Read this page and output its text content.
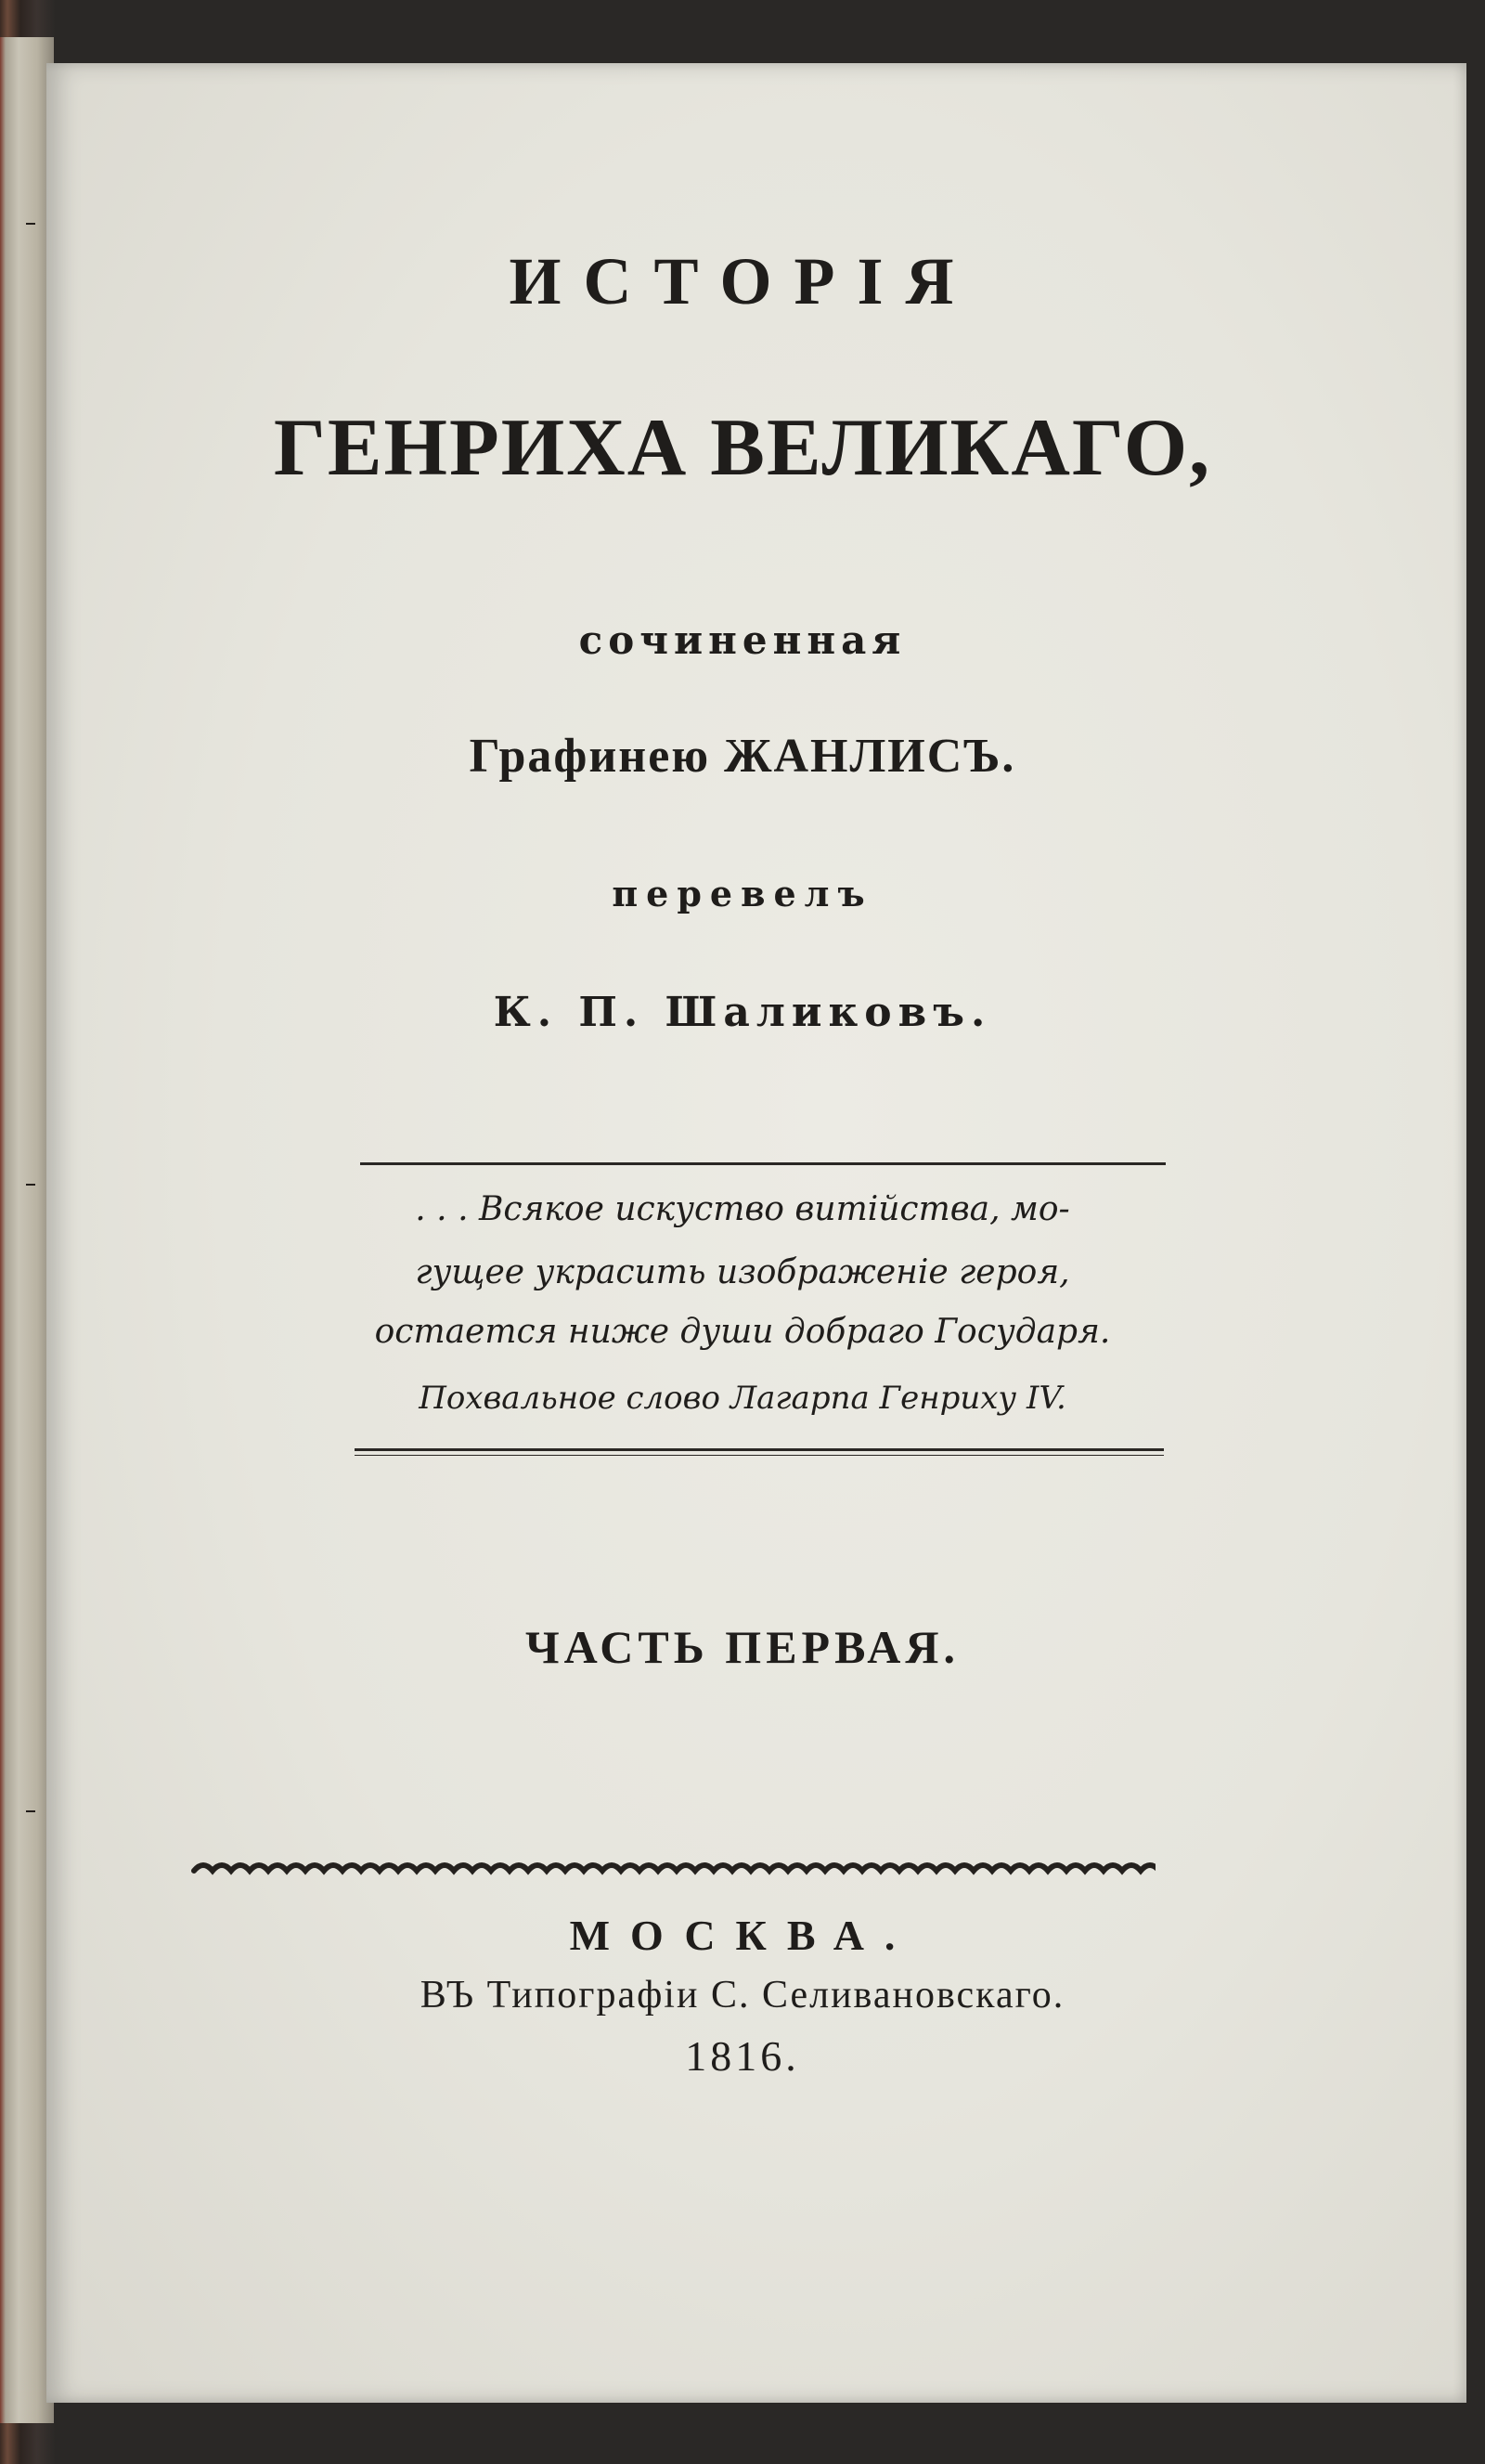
ИСТОРІЯ
ГЕНРИХА ВЕЛИКАГО,
сочиненная
Графинею ЖАНЛИСЪ.
перевелъ
К. П. Шаликовъ.
. . . Всякое искуство витійства, мо-
гущее украсить изображеніе героя,
остается ниже души добраго Государя.
Похвальное слово Лагарпа Генриху IV.
ЧАСТЬ ПЕРВАЯ.
МОСКВА.
ВЪ Типографіи С. Селивановскаго.
1816.
